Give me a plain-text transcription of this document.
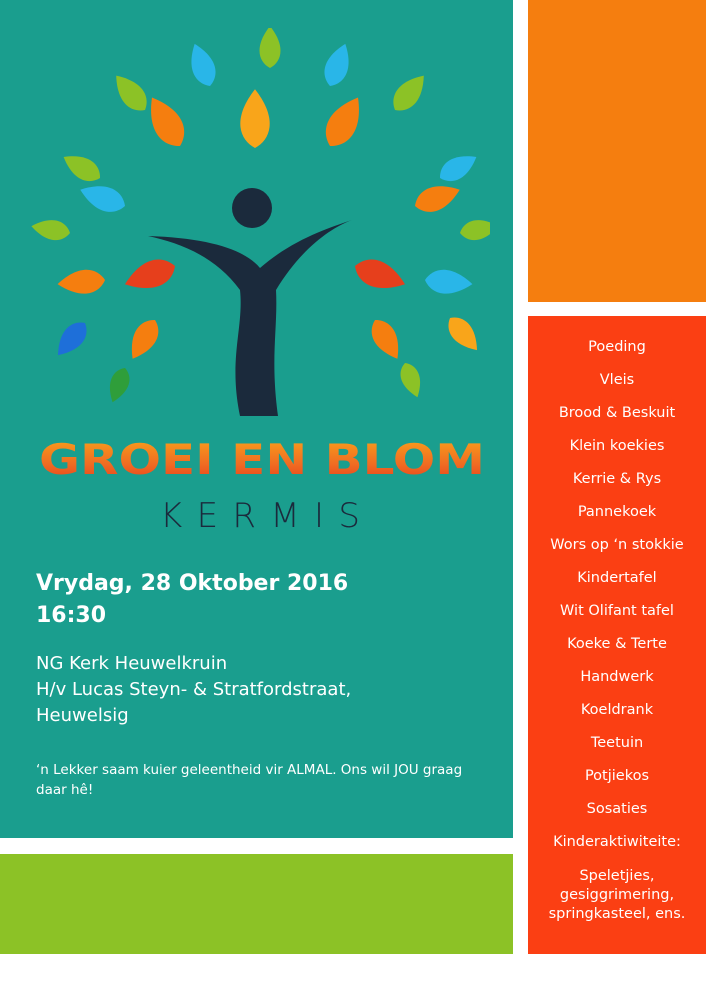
GROEI EN BLOM
KERMIS

Vrydag, 28 Oktober 2016
16:30

NG Kerk Heuwelkruin
H/v Lucas Steyn- & Stratfordstraat,
Heuwelsig

‘n Lekker saam kuier geleentheid vir ALMAL. Ons wil JOU graag daar hê!

Poeding
Vleis
Brood & Beskuit
Klein koekies
Kerrie & Rys
Pannekoek
Wors op ‘n stokkie
Kindertafel
Wit Olifant tafel
Koeke & Terte
Handwerk
Koeldrank
Teetuin
Potjiekos
Sosaties
Kinderaktiwiteite:
Speletjies, gesiggrimering, springkasteel, ens.
